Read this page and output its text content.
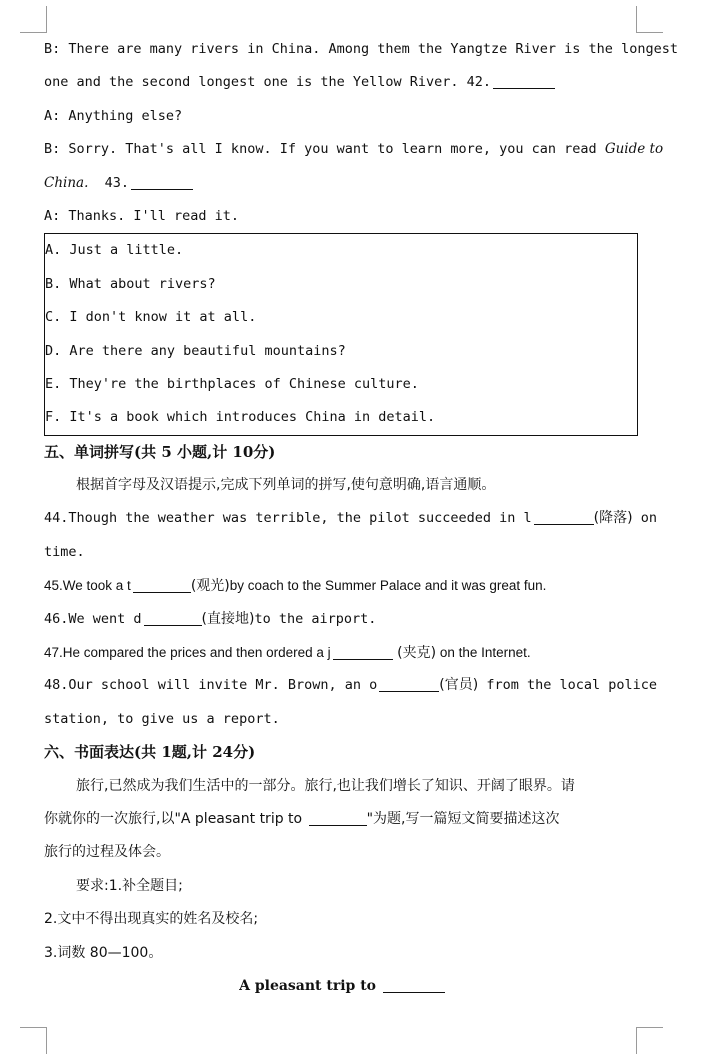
B: There are many rivers in China. Among them the Yangtze River is the longest
one and the second longest one is the Yellow River. 42.
A: Anything else?
B: Sorry. That's all I know. If you want to learn more, you can read Guide to
China. 43.
A: Thanks. I'll read it.
A. Just a little.
B. What about rivers?
C. I don't know it at all.
D. Are there any beautiful mountains?
E. They're the birthplaces of Chinese culture.
F. It's a book which introduces China in detail.
五、单词拼写(共 5 小题,计 10分)
根据首字母及汉语提示,完成下列单词的拼写,使句意明确,语言通顺。
44.Though the weather was terrible, the pilot succeeded in l	(降落) on
time.
45.We took a t	(观光)by coach to the Summer Palace and it was great fun.
46.We went d	(直接地)to the airport.
47.He compared the prices and then ordered a j	(夹克) on the Internet.
48.Our school will invite Mr. Brown, an o	(官员) from the local police
station, to give us a report.
六、书面表达(共 1题,计 24分)
旅行,已然成为我们生活中的一部分。旅行,也让我们增长了知识、开阔了眼界。请
你就你的一次旅行,以"A pleasant trip to	"为题,写一篇短文简要描述这次
旅行的过程及体会。
要求:1.补全题目;
2.文中不得出现真实的姓名及校名;
3.词数 80—100。
A pleasant trip to
